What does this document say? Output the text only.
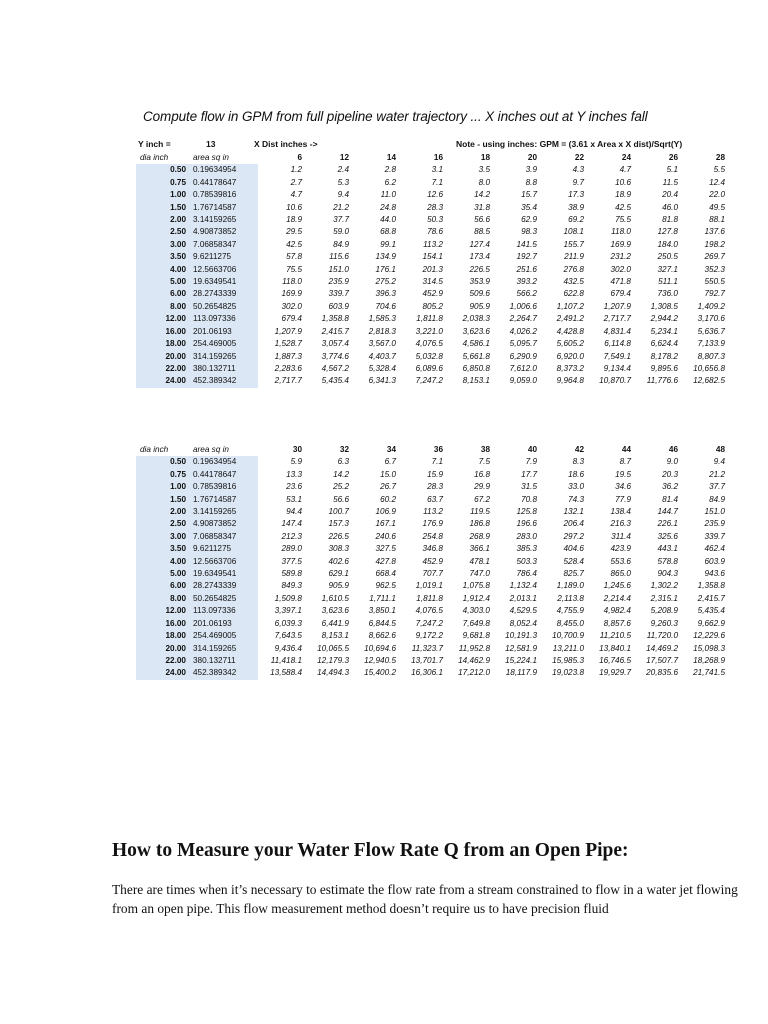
Compute flow in GPM from full pipeline water trajectory ... X inches out at Y inches fall
Y inch =	13	X Dist inches ->	Note - using inches: GPM = (3.61 x Area x X dist)/Sqrt(Y)
dia inch	area sq in	6	12	14	16	18	20	22	24	26	28
0.50	0.19634954	1.2	2.4	2.8	3.1	3.5	3.9	4.3	4.7	5.1	5.5
0.75	0.44178647	2.7	5.3	6.2	7.1	8.0	8.8	9.7	10.6	11.5	12.4
1.00	0.78539816	4.7	9.4	11.0	12.6	14.2	15.7	17.3	18.9	20.4	22.0
1.50	1.76714587	10.6	21.2	24.8	28.3	31.8	35.4	38.9	42.5	46.0	49.5
2.00	3.14159265	18.9	37.7	44.0	50.3	56.6	62.9	69.2	75.5	81.8	88.1
2.50	4.90873852	29.5	59.0	68.8	78.6	88.5	98.3	108.1	118.0	127.8	137.6
3.00	7.06858347	42.5	84.9	99.1	113.2	127.4	141.5	155.7	169.9	184.0	198.2
3.50	9.6211275	57.8	115.6	134.9	154.1	173.4	192.7	211.9	231.2	250.5	269.7
4.00	12.5663706	75.5	151.0	176.1	201.3	226.5	251.6	276.8	302.0	327.1	352.3
5.00	19.6349541	118.0	235.9	275.2	314.5	353.9	393.2	432.5	471.8	511.1	550.5
6.00	28.2743339	169.9	339.7	396.3	452.9	509.6	566.2	622.8	679.4	736.0	792.7
8.00	50.2654825	302.0	603.9	704.6	805.2	905.9	1,006.6	1,107.2	1,207.9	1,308.5	1,409.2
12.00	113.097336	679.4	1,358.8	1,585.3	1,811.8	2,038.3	2,264.7	2,491.2	2,717.7	2,944.2	3,170.6
16.00	201.06193	1,207.9	2,415.7	2,818.3	3,221.0	3,623.6	4,026.2	4,428.8	4,831.4	5,234.1	5,636.7
18.00	254.469005	1,528.7	3,057.4	3,567.0	4,076.5	4,586.1	5,095.7	5,605.2	6,114.8	6,624.4	7,133.9
20.00	314.159265	1,887.3	3,774.6	4,403.7	5,032.8	5,661.8	6,290.9	6,920.0	7,549.1	8,178.2	8,807.3
22.00	380.132711	2,283.6	4,567.2	5,328.4	6,089.6	6,850.8	7,612.0	8,373.2	9,134.4	9,895.6	10,656.8
24.00	452.389342	2,717.7	5,435.4	6,341.3	7,247.2	8,153.1	9,059.0	9,964.8	10,870.7	11,776.6	12,682.5
dia inch	area sq in	30	32	34	36	38	40	42	44	46	48
0.50	0.19634954	5.9	6.3	6.7	7.1	7.5	7.9	8.3	8.7	9.0	9.4
0.75	0.44178647	13.3	14.2	15.0	15.9	16.8	17.7	18.6	19.5	20.3	21.2
1.00	0.78539816	23.6	25.2	26.7	28.3	29.9	31.5	33.0	34.6	36.2	37.7
1.50	1.76714587	53.1	56.6	60.2	63.7	67.2	70.8	74.3	77.9	81.4	84.9
2.00	3.14159265	94.4	100.7	106.9	113.2	119.5	125.8	132.1	138.4	144.7	151.0
2.50	4.90873852	147.4	157.3	167.1	176.9	186.8	196.6	206.4	216.3	226.1	235.9
3.00	7.06858347	212.3	226.5	240.6	254.8	268.9	283.0	297.2	311.4	325.6	339.7
3.50	9.6211275	289.0	308.3	327.5	346.8	366.1	385.3	404.6	423.9	443.1	462.4
4.00	12.5663706	377.5	402.6	427.8	452.9	478.1	503.3	528.4	553.6	578.8	603.9
5.00	19.6349541	589.8	629.1	668.4	707.7	747.0	786.4	825.7	865.0	904.3	943.6
6.00	28.2743339	849.3	905.9	962.5	1,019.1	1,075.8	1,132.4	1,189.0	1,245.6	1,302.2	1,358.8
8.00	50.2654825	1,509.8	1,610.5	1,711.1	1,811.8	1,912.4	2,013.1	2,113.8	2,214.4	2,315.1	2,415.7
12.00	113.097336	3,397.1	3,623.6	3,850.1	4,076.5	4,303.0	4,529.5	4,755.9	4,982.4	5,208.9	5,435.4
16.00	201.06193	6,039.3	6,441.9	6,844.5	7,247.2	7,649.8	8,052.4	8,455.0	8,857.6	9,260.3	9,662.9
18.00	254.469005	7,643.5	8,153.1	8,662.6	9,172.2	9,681.8	10,191.3	10,700.9	11,210.5	11,720.0	12,229.6
20.00	314.159265	9,436.4	10,065.5	10,694.6	11,323.7	11,952.8	12,581.9	13,211.0	13,840.1	14,469.2	15,098.3
22.00	380.132711	11,418.1	12,179.3	12,940.5	13,701.7	14,462.9	15,224.1	15,985.3	16,746.5	17,507.7	18,268.9
24.00	452.389342	13,588.4	14,494.3	15,400.2	16,306.1	17,212.0	18,117.9	19,023.8	19,929.7	20,835.6	21,741.5
How to Measure your Water Flow Rate Q from an Open Pipe:
There are times when it’s necessary to estimate the flow rate from a stream constrained to flow in a water jet flowing from an open pipe. This flow measurement method doesn’t require us to have precision fluid
